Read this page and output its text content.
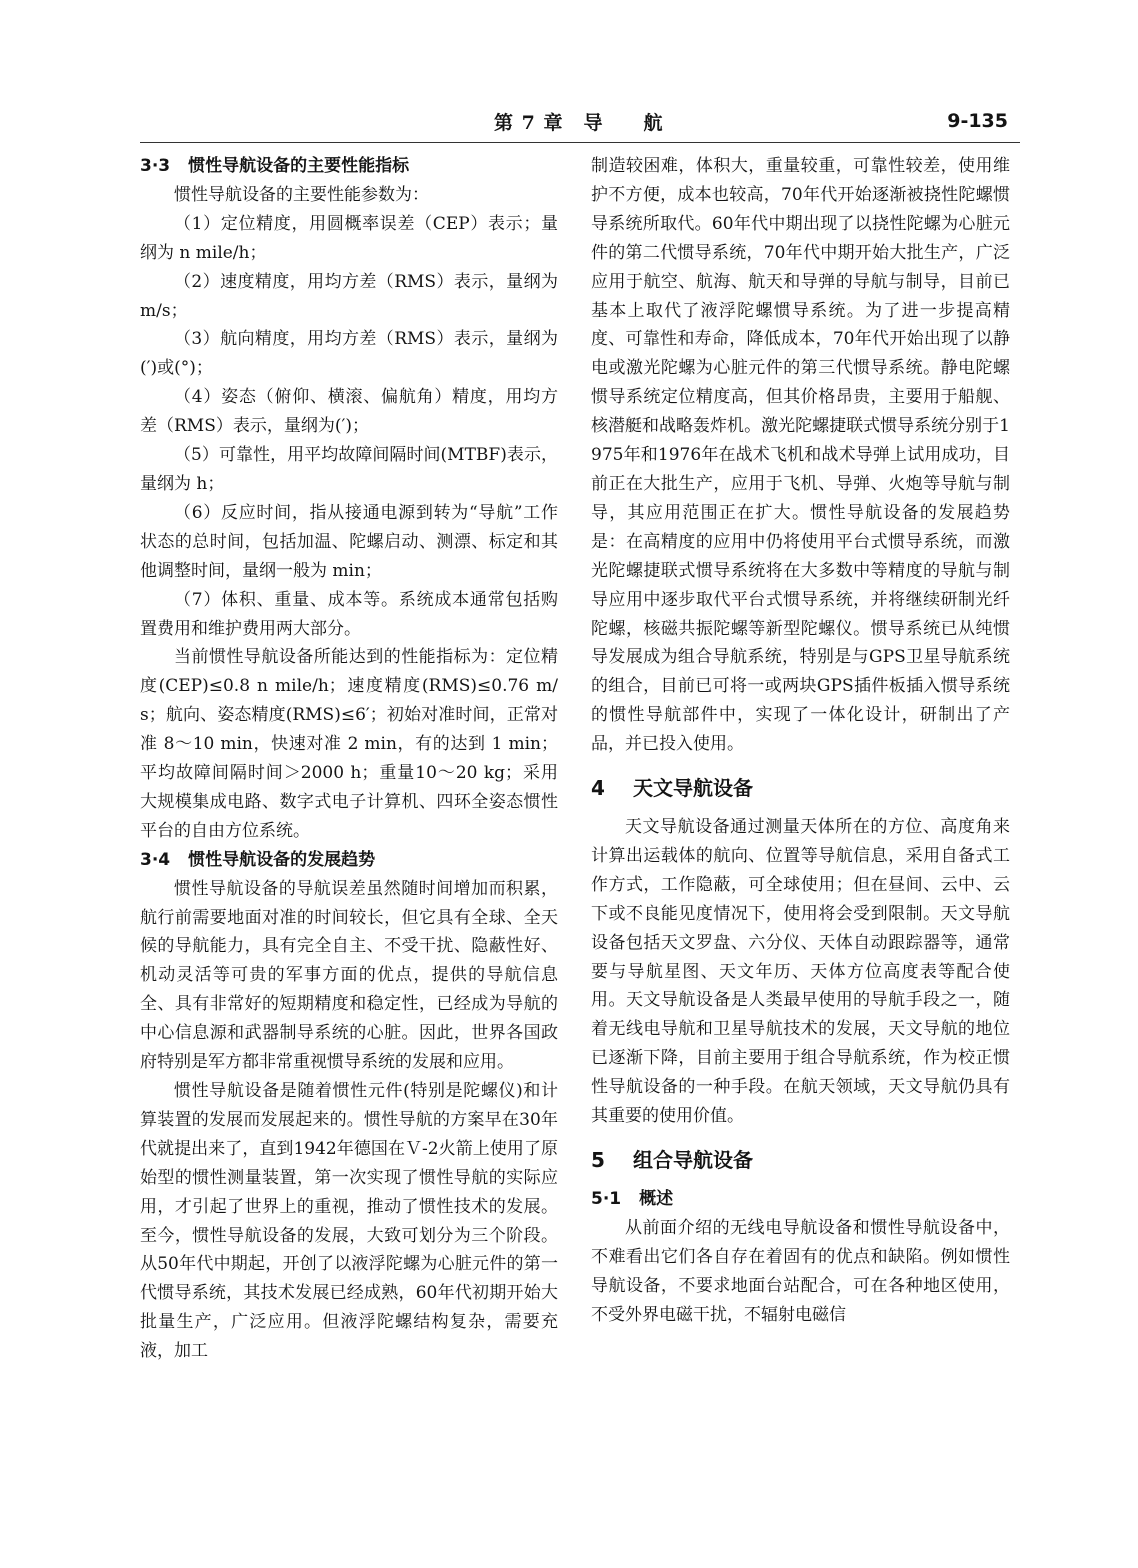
第 7 章　导　　航	9-135
3·3 惯性导航设备的主要性能指标

惯性导航设备的主要性能参数为：

（1）定位精度，用圆概率误差（CEP）表示；量纲为 n mile/h；

（2）速度精度，用均方差（RMS）表示，量纲为 m/s；

（3）航向精度，用均方差（RMS）表示，量纲为(′)或(°)；

（4）姿态（俯仰、横滚、偏航角）精度，用均方差（RMS）表示，量纲为(′)；

（5）可靠性，用平均故障间隔时间(MTBF)表示，量纲为 h；

（6）反应时间，指从接通电源到转为“导航”工作状态的总时间，包括加温、陀螺启动、测漂、标定和其他调整时间，量纲一般为 min；

（7）体积、重量、成本等。系统成本通常包括购置费用和维护费用两大部分。

当前惯性导航设备所能达到的性能指标为：定位精度(CEP)≤0.8 n mile/h；速度精度(RMS)≤0.76 m/s；航向、姿态精度(RMS)≤6′；初始对准时间，正常对准 8～10 min，快速对准 2 min，有的达到 1 min；平均故障间隔时间＞2000 h；重量10～20 kg；采用大规模集成电路、数字式电子计算机、四环全姿态惯性平台的自由方位系统。

3·4 惯性导航设备的发展趋势

惯性导航设备的导航误差虽然随时间增加而积累，航行前需要地面对准的时间较长，但它具有全球、全天候的导航能力，具有完全自主、不受干扰、隐蔽性好、机动灵活等可贵的军事方面的优点，提供的导航信息全、具有非常好的短期精度和稳定性，已经成为导航的中心信息源和武器制导系统的心脏。因此，世界各国政府特别是军方都非常重视惯导系统的发展和应用。

惯性导航设备是随着惯性元件(特别是陀螺仪)和计算装置的发展而发展起来的。惯性导航的方案早在30年代就提出来了，直到1942年德国在Ｖ-2火箭上使用了原始型的惯性测量装置，第一次实现了惯性导航的实际应用，才引起了世界上的重视，推动了惯性技术的发展。至今，惯性导航设备的发展，大致可划分为三个阶段。从50年代中期起，开创了以液浮陀螺为心脏元件的第一代惯导系统，其技术发展已经成熟，60年代初期开始大批量生产，广泛应用。但液浮陀螺结构复杂，需要充液，加工

制造较困难，体积大，重量较重，可靠性较差，使用维护不方便，成本也较高，70年代开始逐渐被挠性陀螺惯导系统所取代。60年代中期出现了以挠性陀螺为心脏元件的第二代惯导系统，70年代中期开始大批生产，广泛应用于航空、航海、航天和导弹的导航与制导，目前已基本上取代了液浮陀螺惯导系统。为了进一步提高精度、可靠性和寿命，降低成本，70年代开始出现了以静电或激光陀螺为心脏元件的第三代惯导系统。静电陀螺惯导系统定位精度高，但其价格昂贵，主要用于船舰、核潜艇和战略轰炸机。激光陀螺捷联式惯导系统分别于1975年和1976年在战术飞机和战术导弹上试用成功，目前正在大批生产，应用于飞机、导弹、火炮等导航与制导，其应用范围正在扩大。惯性导航设备的发展趋势是：在高精度的应用中仍将使用平台式惯导系统，而激光陀螺捷联式惯导系统将在大多数中等精度的导航与制导应用中逐步取代平台式惯导系统，并将继续研制光纤陀螺，核磁共振陀螺等新型陀螺仪。惯导系统已从纯惯导发展成为组合导航系统，特别是与GPS卫星导航系统的组合，目前已可将一或两块GPS插件板插入惯导系统的惯性导航部件中，实现了一体化设计，研制出了产品，并已投入使用。

4 天文导航设备

天文导航设备通过测量天体所在的方位、高度角来计算出运载体的航向、位置等导航信息，采用自备式工作方式，工作隐蔽，可全球使用；但在昼间、云中、云下或不良能见度情况下，使用将会受到限制。天文导航设备包括天文罗盘、六分仪、天体自动跟踪器等，通常要与导航星图、天文年历、天体方位高度表等配合使用。天文导航设备是人类最早使用的导航手段之一，随着无线电导航和卫星导航技术的发展，天文导航的地位已逐渐下降，目前主要用于组合导航系统，作为校正惯性导航设备的一种手段。在航天领域，天文导航仍具有其重要的使用价值。

5 组合导航设备
5·1 概述

从前面介绍的无线电导航设备和惯性导航设备中，不难看出它们各自存在着固有的优点和缺陷。例如惯性导航设备，不要求地面台站配合，可在各种地区使用，不受外界电磁干扰，不辐射电磁信
